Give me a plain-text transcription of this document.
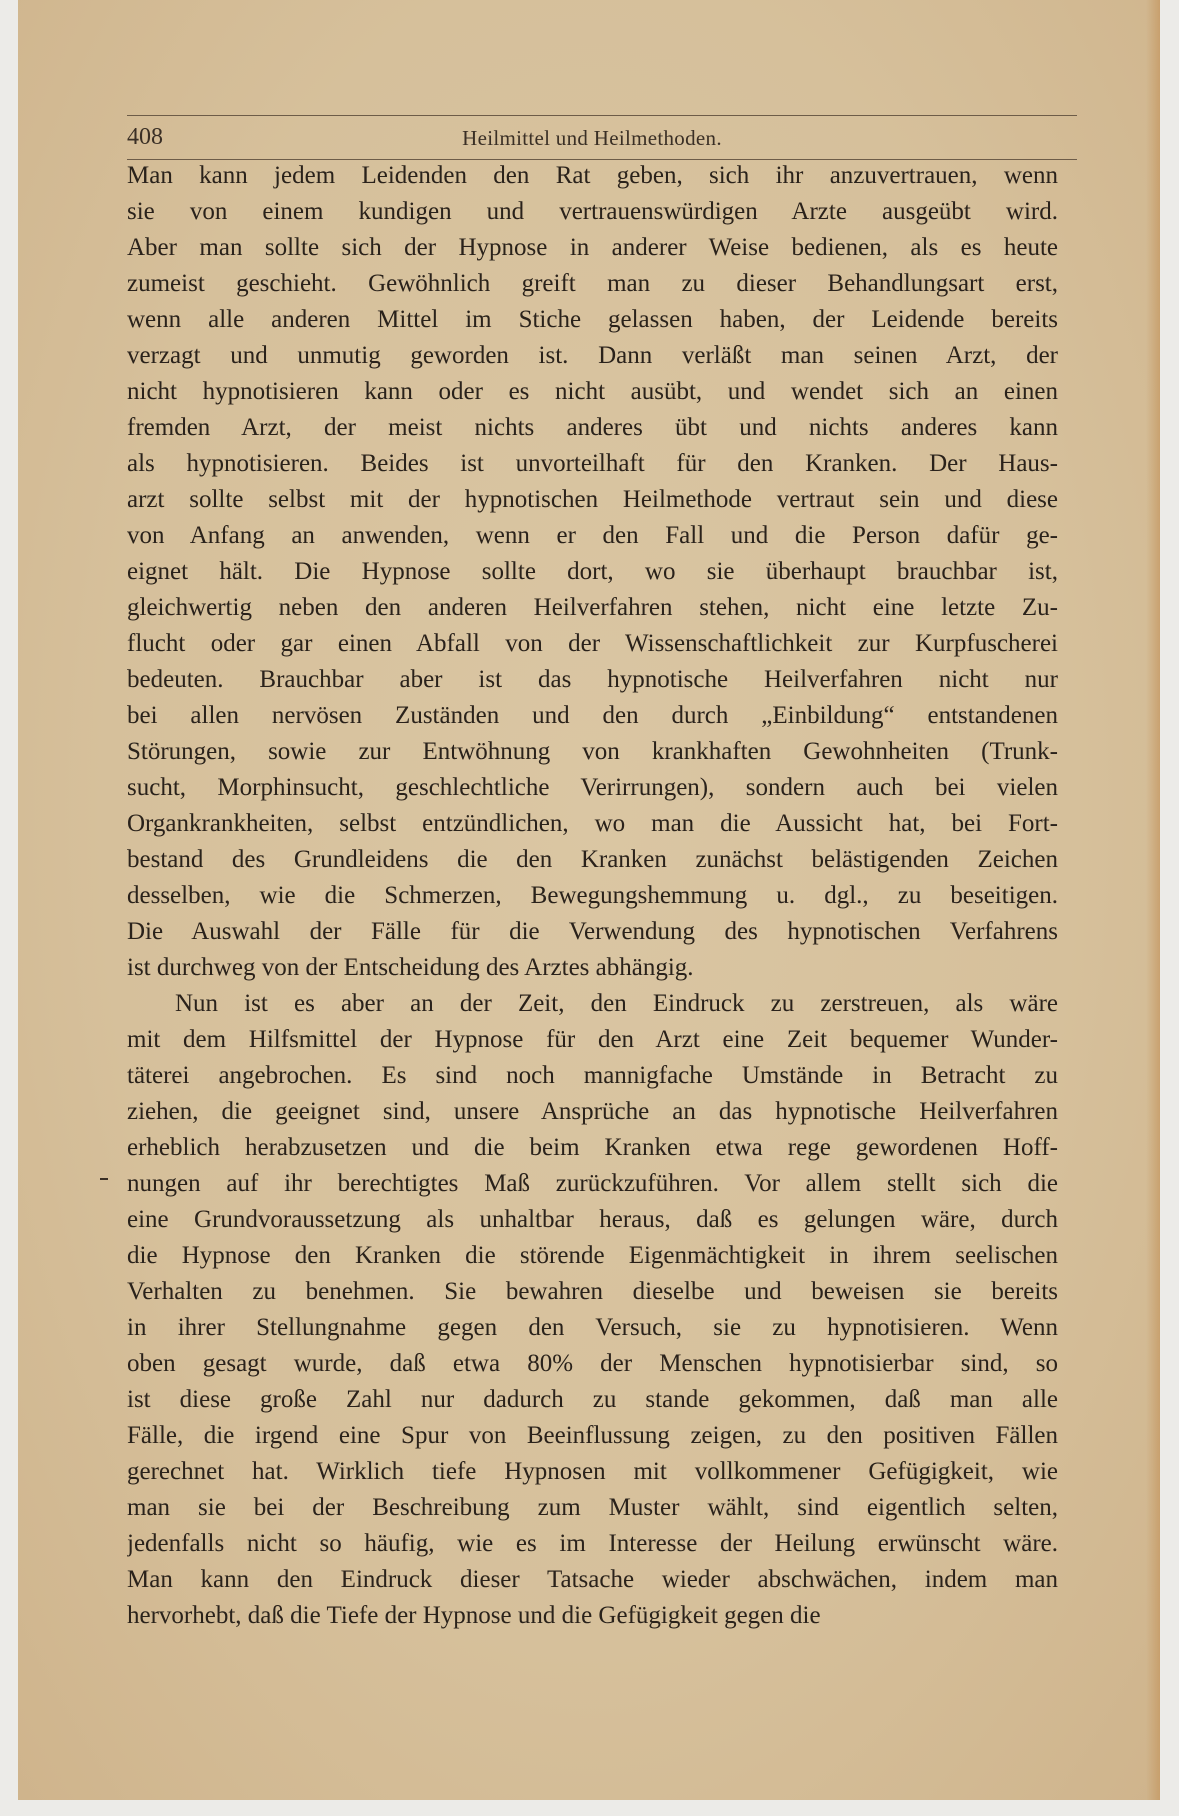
408	Heilmittel und Heilmethoden.
Man kann jedem Leidenden den Rat geben, sich ihr anzuvertrauen, wenn
sie von einem kundigen und vertrauenswürdigen Arzte ausgeübt wird.
Aber man sollte sich der Hypnose in anderer Weise bedienen, als es heute
zumeist geschieht. Gewöhnlich greift man zu dieser Behandlungsart erst,
wenn alle anderen Mittel im Stiche gelassen haben, der Leidende bereits
verzagt und unmutig geworden ist. Dann verläßt man seinen Arzt, der
nicht hypnotisieren kann oder es nicht ausübt, und wendet sich an einen
fremden Arzt, der meist nichts anderes übt und nichts anderes kann
als hypnotisieren. Beides ist unvorteilhaft für den Kranken. Der Haus-
arzt sollte selbst mit der hypnotischen Heilmethode vertraut sein und diese
von Anfang an anwenden, wenn er den Fall und die Person dafür ge-
eignet hält. Die Hypnose sollte dort, wo sie überhaupt brauchbar ist,
gleichwertig neben den anderen Heilverfahren stehen, nicht eine letzte Zu-
flucht oder gar einen Abfall von der Wissenschaftlichkeit zur Kurpfuscherei
bedeuten. Brauchbar aber ist das hypnotische Heilverfahren nicht nur
bei allen nervösen Zuständen und den durch „Einbildung“ entstandenen
Störungen, sowie zur Entwöhnung von krankhaften Gewohnheiten (Trunk-
sucht, Morphinsucht, geschlechtliche Verirrungen), sondern auch bei vielen
Organkrankheiten, selbst entzündlichen, wo man die Aussicht hat, bei Fort-
bestand des Grundleidens die den Kranken zunächst belästigenden Zeichen
desselben, wie die Schmerzen, Bewegungshemmung u. dgl., zu beseitigen.
Die Auswahl der Fälle für die Verwendung des hypnotischen Verfahrens
ist durchweg von der Entscheidung des Arztes abhängig.
Nun ist es aber an der Zeit, den Eindruck zu zerstreuen, als wäre
mit dem Hilfsmittel der Hypnose für den Arzt eine Zeit bequemer Wunder-
täterei angebrochen. Es sind noch mannigfache Umstände in Betracht zu
ziehen, die geeignet sind, unsere Ansprüche an das hypnotische Heilverfahren
erheblich herabzusetzen und die beim Kranken etwa rege gewordenen Hoff-
nungen auf ihr berechtigtes Maß zurückzuführen. Vor allem stellt sich die
eine Grundvoraussetzung als unhaltbar heraus, daß es gelungen wäre, durch
die Hypnose den Kranken die störende Eigenmächtigkeit in ihrem seelischen
Verhalten zu benehmen. Sie bewahren dieselbe und beweisen sie bereits
in ihrer Stellungnahme gegen den Versuch, sie zu hypnotisieren. Wenn
oben gesagt wurde, daß etwa 80% der Menschen hypnotisierbar sind, so
ist diese große Zahl nur dadurch zu stande gekommen, daß man alle
Fälle, die irgend eine Spur von Beeinflussung zeigen, zu den positiven Fällen
gerechnet hat. Wirklich tiefe Hypnosen mit vollkommener Gefügigkeit, wie
man sie bei der Beschreibung zum Muster wählt, sind eigentlich selten,
jedenfalls nicht so häufig, wie es im Interesse der Heilung erwünscht wäre.
Man kann den Eindruck dieser Tatsache wieder abschwächen, indem man
hervorhebt, daß die Tiefe der Hypnose und die Gefügigkeit gegen die
